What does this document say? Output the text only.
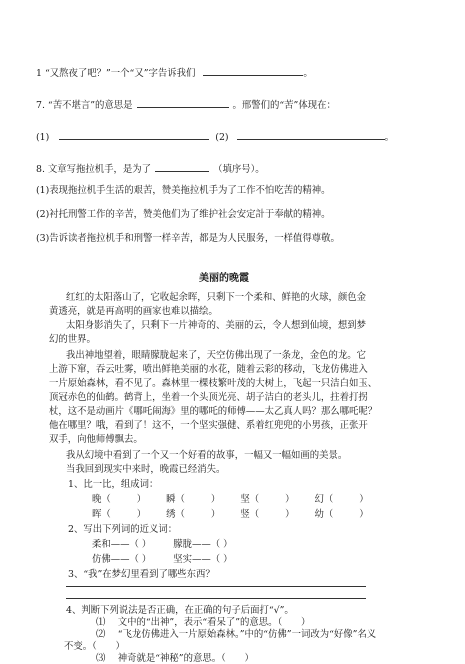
1 “又熬夜了吧？”一个“又”字告诉我们	。
7. “苦不堪言”的意思是	。邢警们的“苦”体现在：
(1)	(2)	。
8. 文章写拖拉机手，是为了	（填序号）。
(1)表现拖拉机手生活的艰苦，赞美拖拉机手为了工作不怕吃苦的精神。
(2)衬托刑警工作的辛苦，赞美他们为了维护社会安定計于奉献的精神。
(3)告诉读者拖拉机手和刑警一样辛苦，都是为人民服务，一样值得尊敬。
美丽的晚霞
红红的太阳落山了，它收起余晖，只剩下一个柔和、鲜艳的火球，颜色金
黄透亮，就是再高明的画家也难以描绘。
太阳身影消失了，只剩下一片神奇的、美丽的云，令人想到仙境，想到梦
幻的世界。
我出神地望着，眼睛朦胧起来了，天空仿佛出现了一条龙，金色的龙。它
上游下窜，吞云吐雾，喷出鲜艳美丽的水花，随着云彩的移动，飞龙仿佛进入
一片原始森林，看不见了。森林里一棵枝繁叶茂的大树上，飞起一只洁白如玉、
顶冠赤色的仙鹤。鹤背上，坐着一个头顶光亮、胡子洁白的老头儿，拄着打拐
杖，这不是动画片《哪吒闹海》里的哪吒的师傅——太乙真人吗？那么哪吒呢？
他在哪里？哦，看到了！这不，一个坚实强健、系着红兜兜的小男孩，正张开
双手，向他师傅飘去。
我从幻境中看到了一个又一个好看的故事，一幅又一幅如画的美景。
当我回到现实中来时，晚霞已经消失。
1、比一比，组成词：
晚（	） 瞬（	） 坚（	） 幻（	）
晖（	） 绣（	） 竖（	） 幼（	）
2、写出下列词的近义词：
柔和——（ ） 朦胧——（ ）
仿佛——（ ） 坚实——（ ）
3、“我”在梦幻里看到了哪些东西？
4、判断下列说法是否正确，在正确的句子后面打“√”。
⑴ 　文中的“出神”，表示“看呆了”的意思。（　　）
⑵ 　“飞龙仿佛进入一片原始森林。”中的“仿佛”一词改为“好像”名义
不变。（　　）
⑶ 　神奇就是“神秘”的意思。（　　）
